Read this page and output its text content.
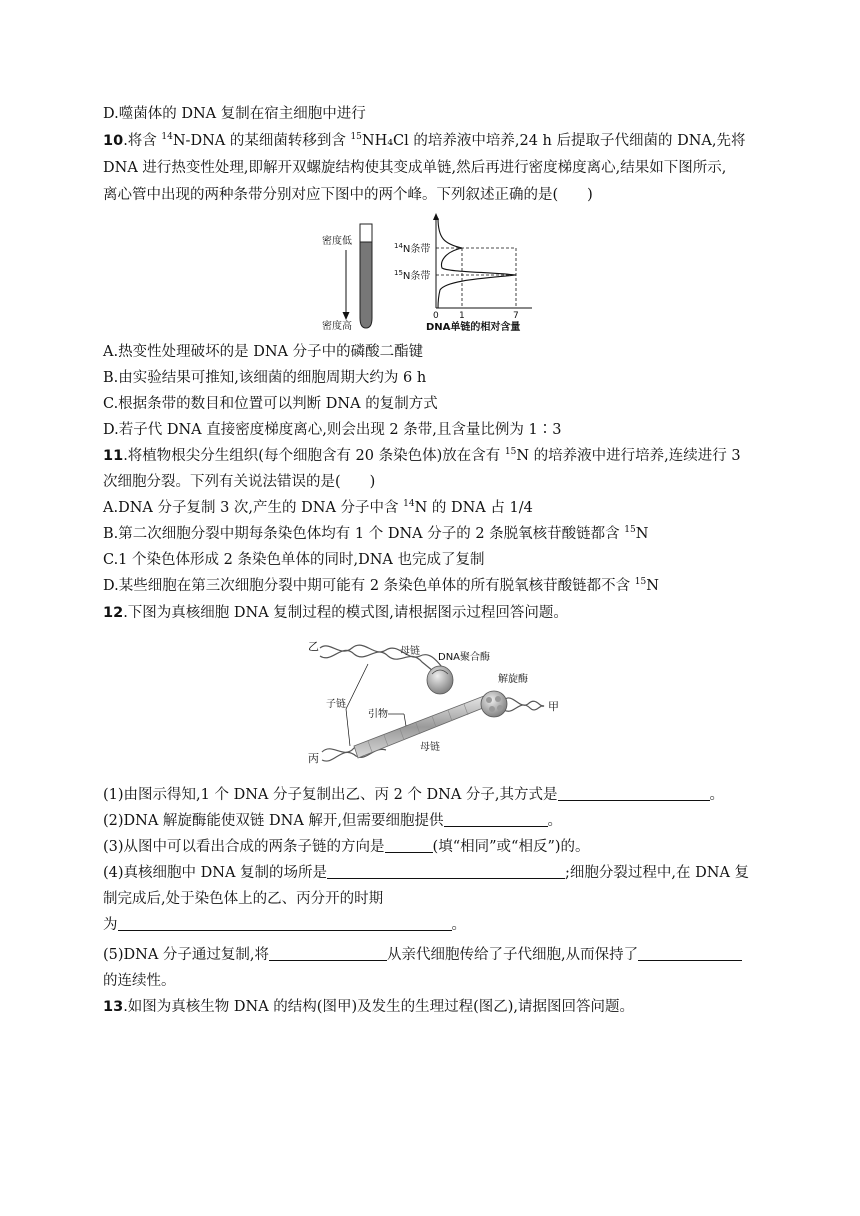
D.噬菌体的 DNA 复制在宿主细胞中进行
10.将含 $^{14}$N-DNA 的某细菌转移到含 $^{15}$NH₄Cl 的培养液中培养,24 h 后提取子代细菌的 DNA,先将
DNA 进行热变性处理,即解开双螺旋结构使其变成单链,然后再进行密度梯度离心,结果如下图所示,
离心管中出现的两种条带分别对应下图中的两个峰。下列叙述正确的是(　　)
密度低
密度高
$^{14}$N条带
$^{15}$N条带
0 1	7
DNA单链的相对含量
A.热变性处理破坏的是 DNA 分子中的磷酸二酯键
B.由实验结果可推知,该细菌的细胞周期大约为 6 h
C.根据条带的数目和位置可以判断 DNA 的复制方式
D.若子代 DNA 直接密度梯度离心,则会出现 2 条带,且含量比例为 1∶3
11.将植物根尖分生组织(每个细胞含有 20 条染色体)放在含有 $^{15}$N 的培养液中进行培养,连续进行 3
次细胞分裂。下列有关说法错误的是(　　)
A.DNA 分子复制 3 次,产生的 DNA 分子中含 $^{14}$N 的 DNA 占 1/4
B.第二次细胞分裂中期每条染色体均有 1 个 DNA 分子的 2 条脱氧核苷酸链都含 $^{15}$N
C.1 个染色体形成 2 条染色单体的同时,DNA 也完成了复制
D.某些细胞在第三次细胞分裂中期可能有 2 条染色单体的所有脱氧核苷酸链都不含 $^{15}$N
12.下图为真核细胞 DNA 复制过程的模式图,请根据图示过程回答问题。
乙
丙
甲
母链
DNA聚合酶
解旋酶
子链
引物
母链
(1)由图示得知,1 个 DNA 分子复制出乙、丙 2 个 DNA 分子,其方式是	。
(2)DNA 解旋酶能使双链 DNA 解开,但需要细胞提供	。
(3)从图中可以看出合成的两条子链的方向是	(填“相同”或“相反”)的。
(4)真核细胞中 DNA 复制的场所是	;细胞分裂过程中,在 DNA 复
制完成后,处于染色体上的乙、丙分开的时期
为	。
(5)DNA 分子通过复制,将	从亲代细胞传给了子代细胞,从而保持了
的连续性。
13.如图为真核生物 DNA 的结构(图甲)及发生的生理过程(图乙),请据图回答问题。
